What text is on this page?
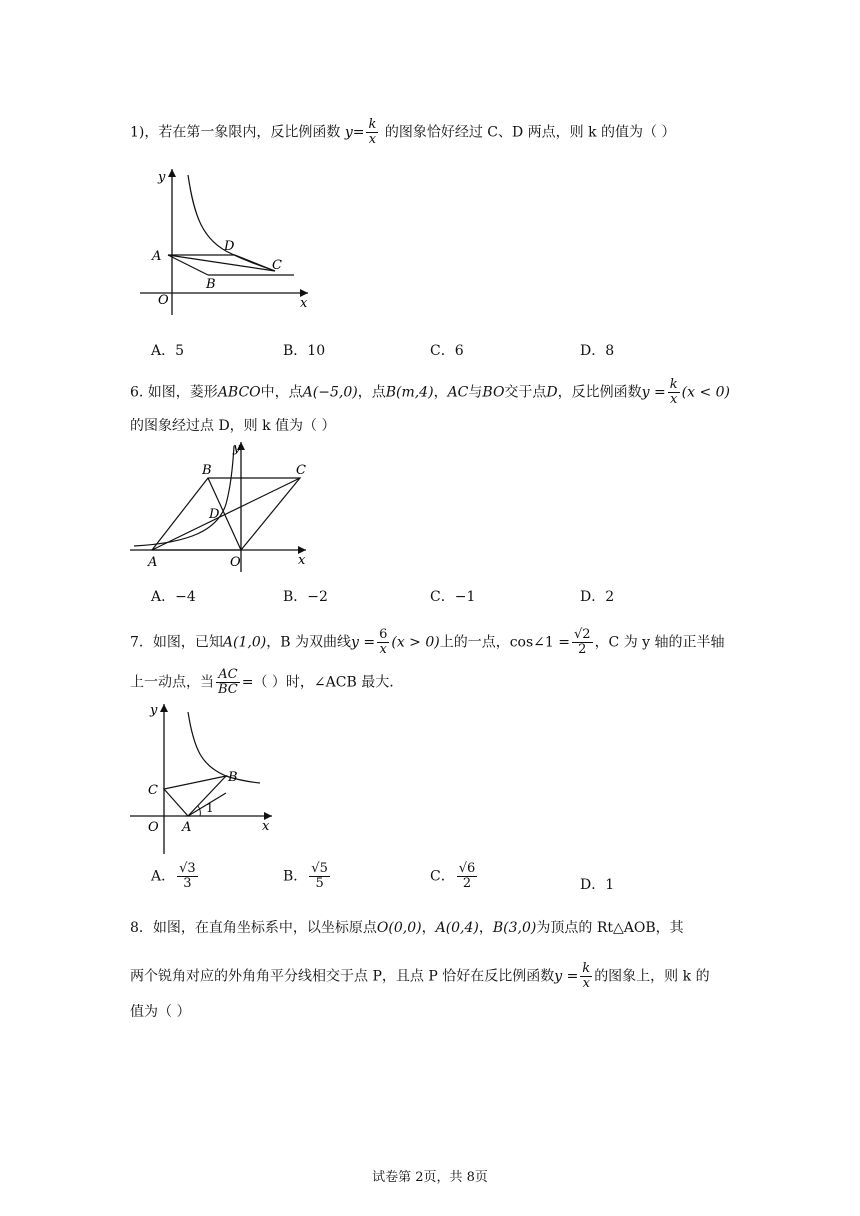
1)，若在第一象限内，反比例函数 $y= \frac{k}{x}$ 的图象恰好经过 C、D 两点，则 k 的值为（ ）
y
x
O
A
B
C
D
A．5	B．10	C．6	D．8
6. 如图，菱形ABCO中，点A(−5,0)，点B(m,4)，AC与BO交于点D，反比例函数$y = \frac{k}{x} (x < 0)$
的图象经过点 D，则 k 值为（ ）
y
x
O
A
B	C
D
A．−4	B．−2	C．−1	D．2
7．如图，已知A(1,0)，B 为双曲线$y = \frac{6}{x} (x > 0)$上的一点，cos∠1 = $\frac{√2}{2}$ ，C 为 y 轴的正半轴
上一动点，当 $\frac{AC}{BC}$ =（ ）时，∠ACB 最大.
y
x
O A
B
C
1
A． $\frac{√3}{3}$	B． $\frac{√5}{5}$	C． $\frac{√6}{2}$	D．1
8．如图，在直角坐标系中，以坐标原点O(0,0)，A(0,4)，B(3,0)为顶点的 Rt△AOB，其
两个锐角对应的外角角平分线相交于点 P，且点 P 恰好在反比例函数$y = \frac{k}{x}$ 的图象上，则 k 的
值为（ ）
试卷第 2页，共 8页
